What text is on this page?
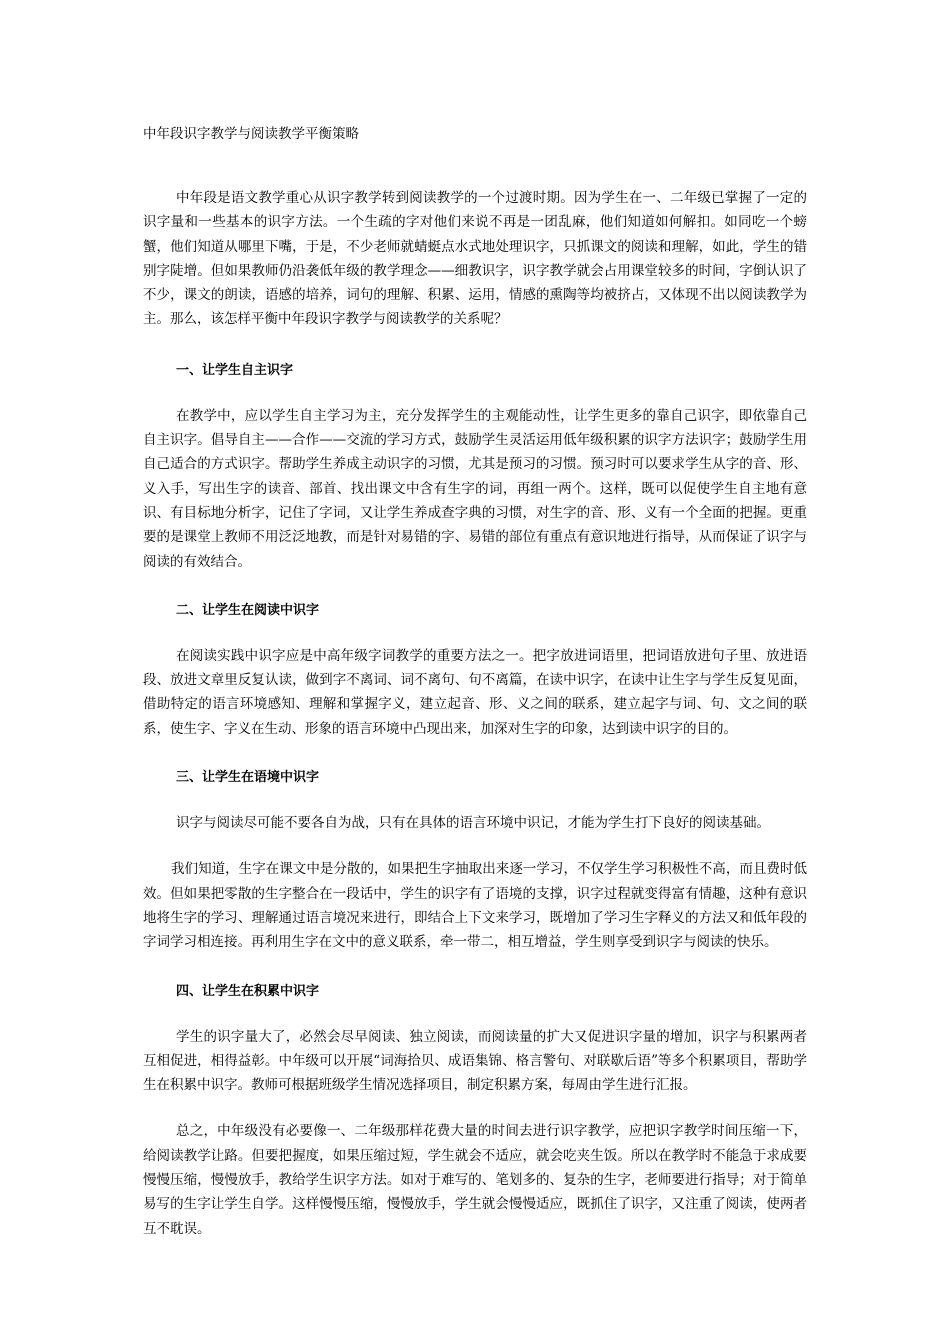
中年段识字教学与阅读教学平衡策略

中年段是语文教学重心从识字教学转到阅读教学的一个过渡时期。因为学生在一、二年级已掌握了一定的识字量和一些基本的识字方法。一个生疏的字对他们来说不再是一团乱麻，他们知道如何解扣。如同吃一个螃蟹，他们知道从哪里下嘴，于是，不少老师就蜻蜓点水式地处理识字，只抓课文的阅读和理解，如此，学生的错别字陡增。但如果教师仍沿袭低年级的教学理念——细教识字，识字教学就会占用课堂较多的时间，字倒认识了不少，课文的朗读，语感的培养，词句的理解、积累、运用，情感的熏陶等均被挤占，又体现不出以阅读教学为主。那么，该怎样平衡中年段识字教学与阅读教学的关系呢？

一、让学生自主识字

在教学中，应以学生自主学习为主，充分发挥学生的主观能动性，让学生更多的靠自己识字，即依靠自己自主识字。倡导自主——合作——交流的学习方式，鼓励学生灵活运用低年级积累的识字方法识字；鼓励学生用自己适合的方式识字。帮助学生养成主动识字的习惯，尤其是预习的习惯。预习时可以要求学生从字的音、形、义入手，写出生字的读音、部首、找出课文中含有生字的词，再组一两个。这样，既可以促使学生自主地有意识、有目标地分析字，记住了字词，又让学生养成查字典的习惯，对生字的音、形、义有一个全面的把握。更重要的是课堂上教师不用泛泛地教，而是针对易错的字、易错的部位有重点有意识地进行指导，从而保证了识字与阅读的有效结合。

二、让学生在阅读中识字

在阅读实践中识字应是中高年级字词教学的重要方法之一。把字放进词语里，把词语放进句子里、放进语段、放进文章里反复认读，做到字不离词、词不离句、句不离篇，在读中识字，在读中让生字与学生反复见面，借助特定的语言环境感知、理解和掌握字义，建立起音、形、义之间的联系，建立起字与词、句、文之间的联系，使生字、字义在生动、形象的语言环境中凸现出来，加深对生字的印象，达到读中识字的目的。

三、让学生在语境中识字

识字与阅读尽可能不要各自为战，只有在具体的语言环境中识记，才能为学生打下良好的阅读基础。

我们知道，生字在课文中是分散的，如果把生字抽取出来逐一学习，不仅学生学习积极性不高，而且费时低效。但如果把零散的生字整合在一段话中，学生的识字有了语境的支撑，识字过程就变得富有情趣，这种有意识地将生字的学习、理解通过语言境况来进行，即结合上下文来学习，既增加了学习生字释义的方法又和低年段的字词学习相连接。再利用生字在文中的意义联系，牵一带二，相互增益，学生则享受到识字与阅读的快乐。

四、让学生在积累中识字

学生的识字量大了，必然会尽早阅读、独立阅读，而阅读量的扩大又促进识字量的增加，识字与积累两者互相促进，相得益彰。中年级可以开展“词海拾贝、成语集锦、格言警句、对联歇后语”等多个积累项目，帮助学生在积累中识字。教师可根据班级学生情况选择项目，制定积累方案，每周由学生进行汇报。

总之，中年级没有必要像一、二年级那样花费大量的时间去进行识字教学，应把识字教学时间压缩一下，给阅读教学让路。但要把握度，如果压缩过短，学生就会不适应，就会吃夹生饭。所以在教学时不能急于求成要慢慢压缩，慢慢放手，教给学生识字方法。如对于难写的、笔划多的、复杂的生字，老师要进行指导；对于简单易写的生字让学生自学。这样慢慢压缩，慢慢放手，学生就会慢慢适应，既抓住了识字，又注重了阅读，使两者互不耽误。
